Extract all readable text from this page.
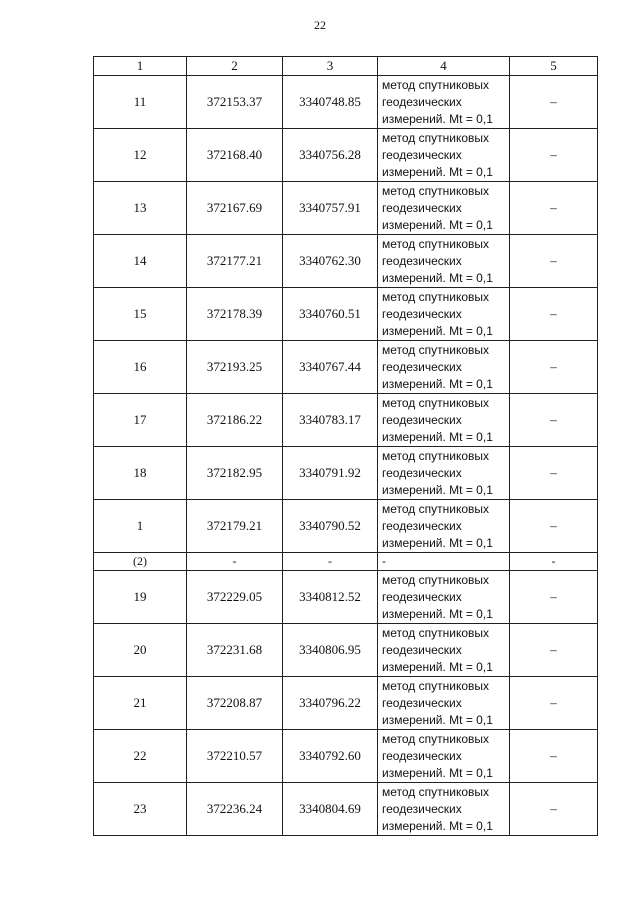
22
1	2	3	4	5
11	372153.37	3340748.85	метод спутниковых
геодезических
измерений. Mt = 0,1	–
12	372168.40	3340756.28	метод спутниковых
геодезических
измерений. Mt = 0,1	–
13	372167.69	3340757.91	метод спутниковых
геодезических
измерений. Mt = 0,1	–
14	372177.21	3340762.30	метод спутниковых
геодезических
измерений. Mt = 0,1	–
15	372178.39	3340760.51	метод спутниковых
геодезических
измерений. Mt = 0,1	–
16	372193.25	3340767.44	метод спутниковых
геодезических
измерений. Mt = 0,1	–
17	372186.22	3340783.17	метод спутниковых
геодезических
измерений. Mt = 0,1	–
18	372182.95	3340791.92	метод спутниковых
геодезических
измерений. Mt = 0,1	–
1	372179.21	3340790.52	метод спутниковых
геодезических
измерений. Mt = 0,1	–
(2)	-	-	-	-
19	372229.05	3340812.52	метод спутниковых
геодезических
измерений. Mt = 0,1	–
20	372231.68	3340806.95	метод спутниковых
геодезических
измерений. Mt = 0,1	–
21	372208.87	3340796.22	метод спутниковых
геодезических
измерений. Mt = 0,1	–
22	372210.57	3340792.60	метод спутниковых
геодезических
измерений. Mt = 0,1	–
23	372236.24	3340804.69	метод спутниковых
геодезических
измерений. Mt = 0,1	–
